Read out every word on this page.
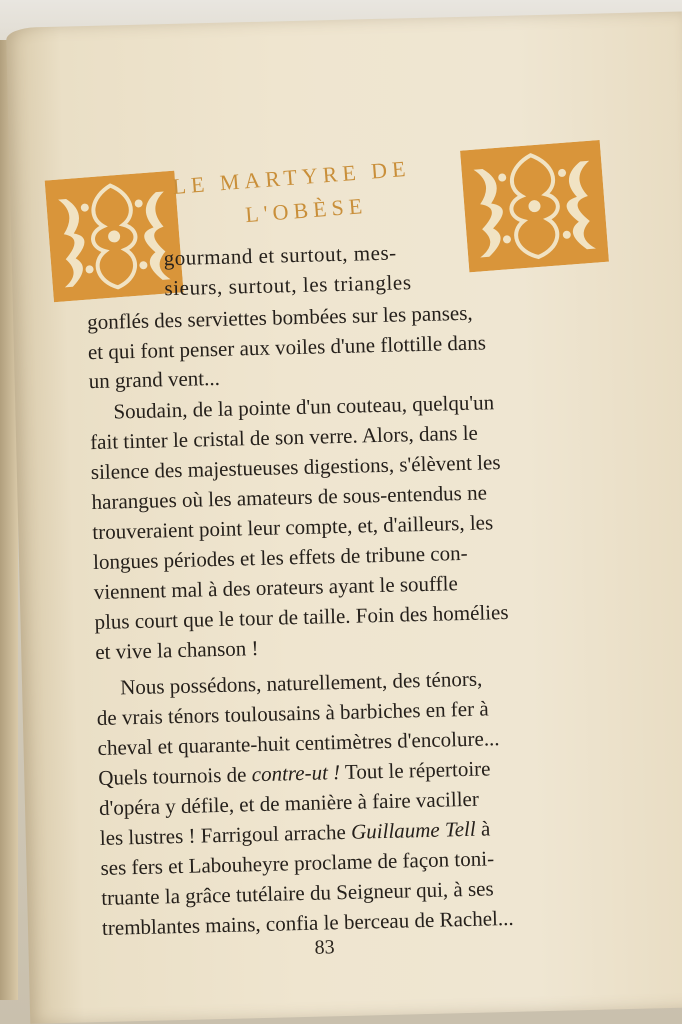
LE MARTYRE DE
L'OBÈSE
gourmand et surtout, mes-
sieurs, surtout, les triangles
gonflés des serviettes bombées sur les panses,
et qui font penser aux voiles d'une flottille dans
un grand vent...
Soudain, de la pointe d'un couteau, quelqu'un
fait tinter le cristal de son verre. Alors, dans le
silence des majestueuses digestions, s'élèvent les
harangues où les amateurs de sous-entendus ne
trouveraient point leur compte, et, d'ailleurs, les
longues périodes et les effets de tribune con-
viennent mal à des orateurs ayant le souffle
plus court que le tour de taille. Foin des homélies
et vive la chanson !
Nous possédons, naturellement, des ténors,
de vrais ténors toulousains à barbiches en fer à
cheval et quarante-huit centimètres d'encolure...
Quels tournois de contre-ut ! Tout le répertoire
d'opéra y défile, et de manière à faire vaciller
les lustres ! Farrigoul arrache Guillaume Tell à
ses fers et Labouheyre proclame de façon toni-
truante la grâce tutélaire du Seigneur qui, à ses
tremblantes mains, confia le berceau de Rachel...
83
